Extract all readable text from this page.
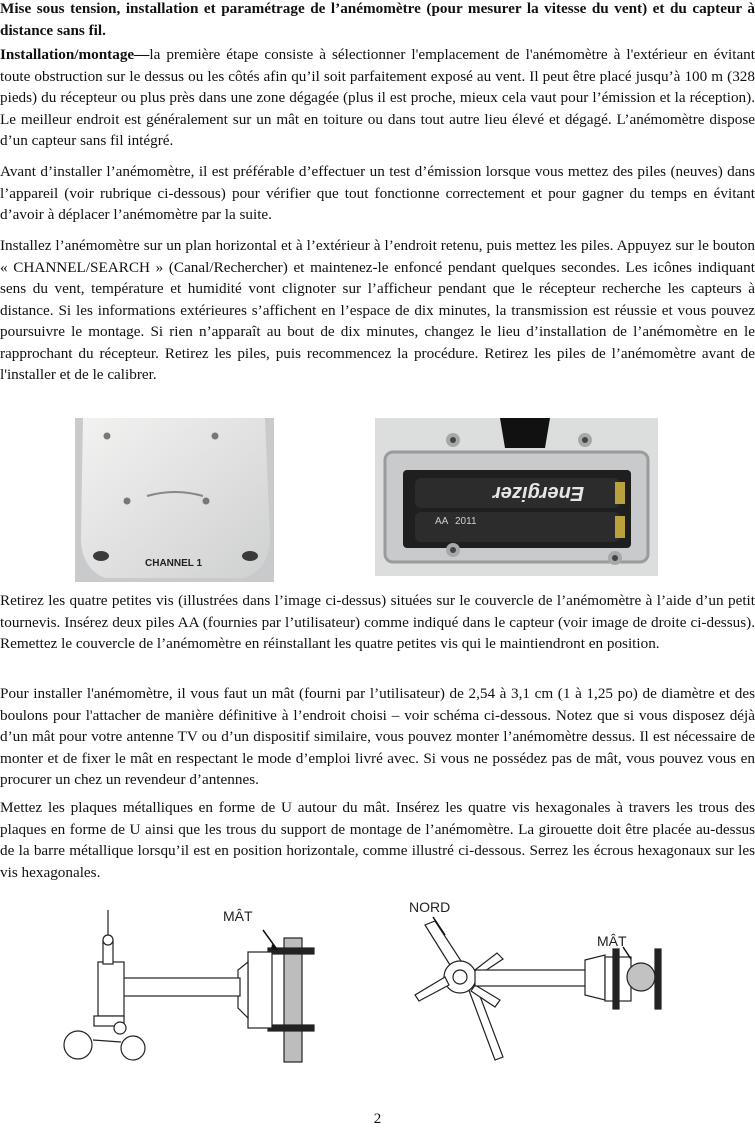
Mise sous tension, installation et paramétrage de l’anémomètre (pour mesurer la vitesse du vent) et du capteur à distance sans fil.

Installation/montage—la première étape consiste à sélectionner l'emplacement de l'anémomètre à l'extérieur en évitant toute obstruction sur le dessus ou les côtés afin qu’il soit parfaitement exposé au vent. Il peut être placé jusqu’à 100 m (328 pieds) du récepteur ou plus près dans une zone dégagée (plus il est proche, mieux cela vaut pour l’émission et la réception). Le meilleur endroit est généralement sur un mât en toiture ou dans tout autre lieu élevé et dégagé. L’anémomètre dispose d’un capteur sans fil intégré.

Avant d’installer l’anémomètre, il est préférable d’effectuer un test d’émission lorsque vous mettez des piles (neuves) dans l’appareil (voir rubrique ci-dessous) pour vérifier que tout fonctionne correctement et pour gagner du temps en évitant d’avoir à déplacer l’anémomètre par la suite.

Installez l’anémomètre sur un plan horizontal et à l’extérieur à l’endroit retenu, puis mettez les piles. Appuyez sur le bouton « CHANNEL/SEARCH » (Canal/Rechercher) et maintenez-le enfoncé pendant quelques secondes. Les icônes indiquant sens du vent, température et humidité vont clignoter sur l’afficheur pendant que le récepteur recherche les capteurs à distance. Si les informations extérieures s’affichent en l’espace de dix minutes, la transmission est réussie et vous pouvez poursuivre le montage. Si rien n’apparaît au bout de dix minutes, changez le lieu d’installation de l’anémomètre en le rapprochant du récepteur. Retirez les piles, puis recommencez la procédure. Retirez les piles de l’anémomètre avant de l'installer et de le calibrer.

CHANNEL 1
Energizer
AA 2011

Retirez les quatre petites vis (illustrées dans l’image ci-dessus) situées sur le couvercle de l’anémomètre à l’aide d’un petit tournevis. Insérez deux piles AA (fournies par l’utilisateur) comme indiqué dans le capteur (voir image de droite ci-dessus). Remettez le couvercle de l’anémomètre en réinstallant les quatre petites vis qui le maintiendront en position.

Pour installer l'anémomètre, il vous faut un mât (fourni par l’utilisateur) de 2,54 à 3,1 cm (1 à 1,25 po) de diamètre et des boulons pour l'attacher de manière définitive à l’endroit choisi – voir schéma ci-dessous. Notez que si vous disposez déjà d’un mât pour votre antenne TV ou d’un dispositif similaire, vous pouvez monter l’anémomètre dessus. Il est nécessaire de monter et de fixer le mât en respectant le mode d’emploi livré avec. Si vous ne possédez pas de mât, vous pouvez vous en procurer un chez un revendeur d’antennes.

Mettez les plaques métalliques en forme de U autour du mât. Insérez les quatre vis hexagonales à travers les trous des plaques en forme de U ainsi que les trous du support de montage de l’anémomètre. La girouette doit être placée au-dessus de la barre métallique lorsqu’il est en position horizontale, comme illustré ci-dessous. Serrez les écrous hexagonaux sur les vis hexagonales.

MÂT
NORD
MÂT
2
